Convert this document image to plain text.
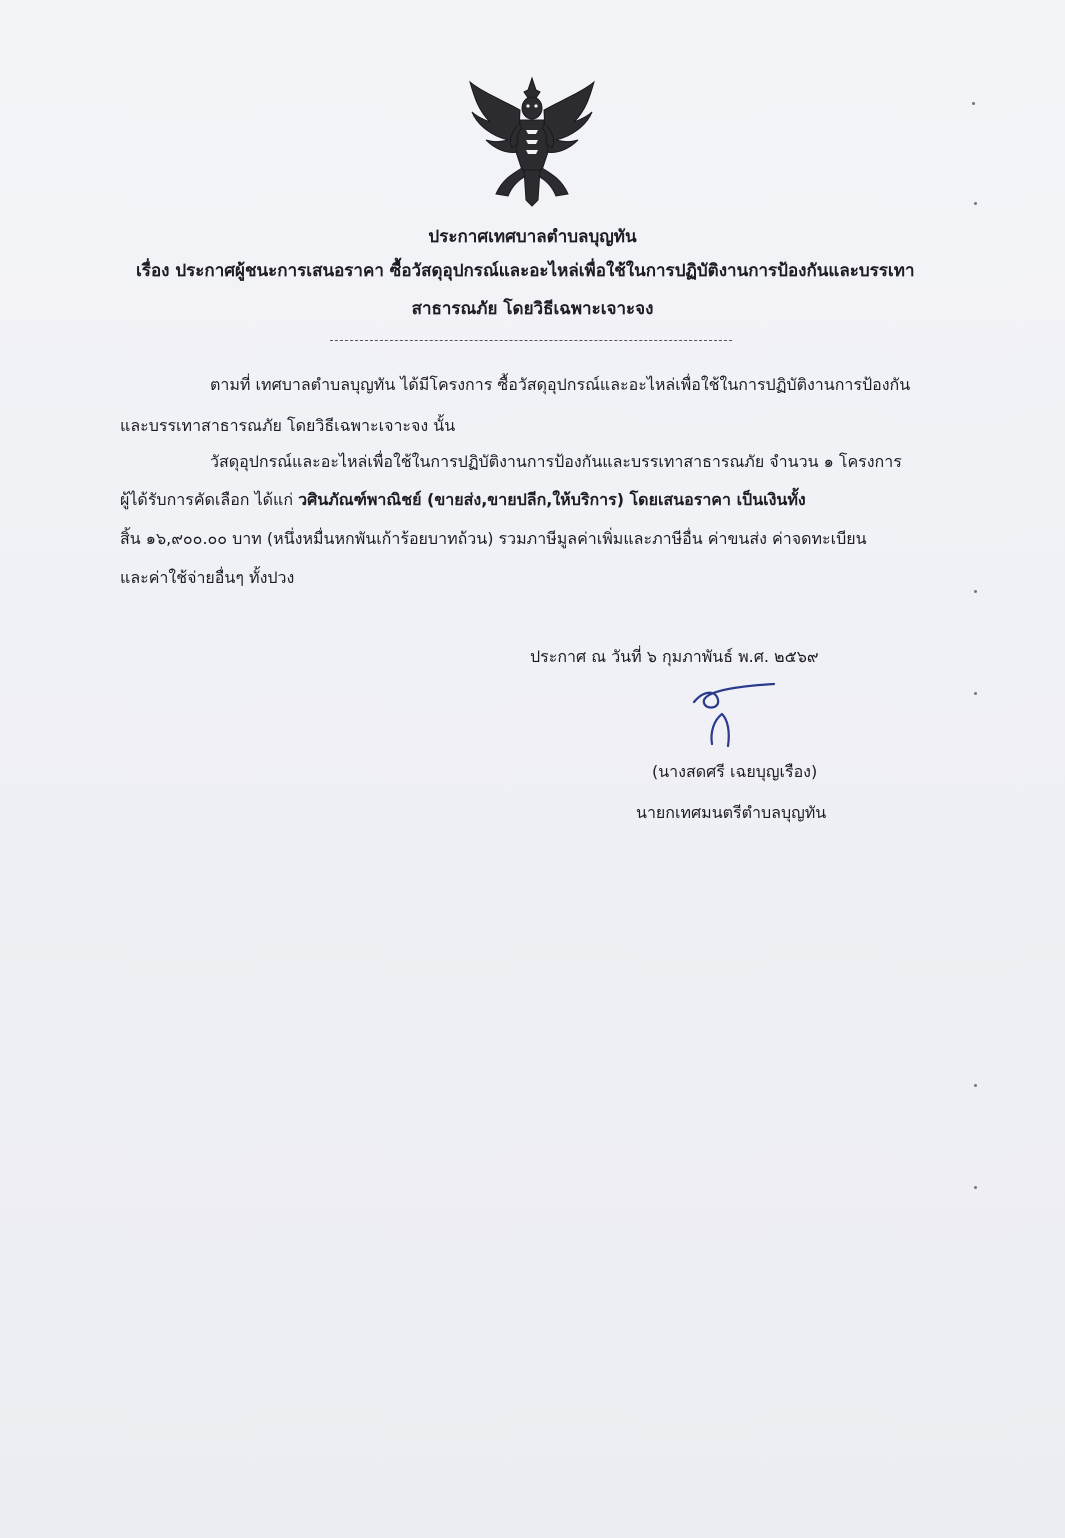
ประกาศเทศบาลตำบลบุญทัน
เรื่อง ประกาศผู้ชนะการเสนอราคา ซื้อวัสดุอุปกรณ์และอะไหล่เพื่อใช้ในการปฏิบัติงานการป้องกันและบรรเทา
สาธารณภัย โดยวิธีเฉพาะเจาะจง
ตามที่ เทศบาลตำบลบุญทัน ได้มีโครงการ ซื้อวัสดุอุปกรณ์และอะไหล่เพื่อใช้ในการปฏิบัติงานการป้องกัน
และบรรเทาสาธารณภัย โดยวิธีเฉพาะเจาะจง นั้น
วัสดุอุปกรณ์และอะไหล่เพื่อใช้ในการปฏิบัติงานการป้องกันและบรรเทาสาธารณภัย จำนวน ๑ โครงการ
ผู้ได้รับการคัดเลือก ได้แก่ วศินภัณฑ์พาณิชย์ (ขายส่ง,ขายปลีก,ให้บริการ) โดยเสนอราคา เป็นเงินทั้ง
สิ้น ๑๖,๙๐๐.๐๐ บาท (หนึ่งหมื่นหกพันเก้าร้อยบาทถ้วน) รวมภาษีมูลค่าเพิ่มและภาษีอื่น ค่าขนส่ง ค่าจดทะเบียน
และค่าใช้จ่ายอื่นๆ ทั้งปวง
ประกาศ ณ วันที่ ๖ กุมภาพันธ์ พ.ศ. ๒๕๖๙
(นางสดศรี เฉยบุญเรือง)
นายกเทศมนตรีตำบลบุญทัน
